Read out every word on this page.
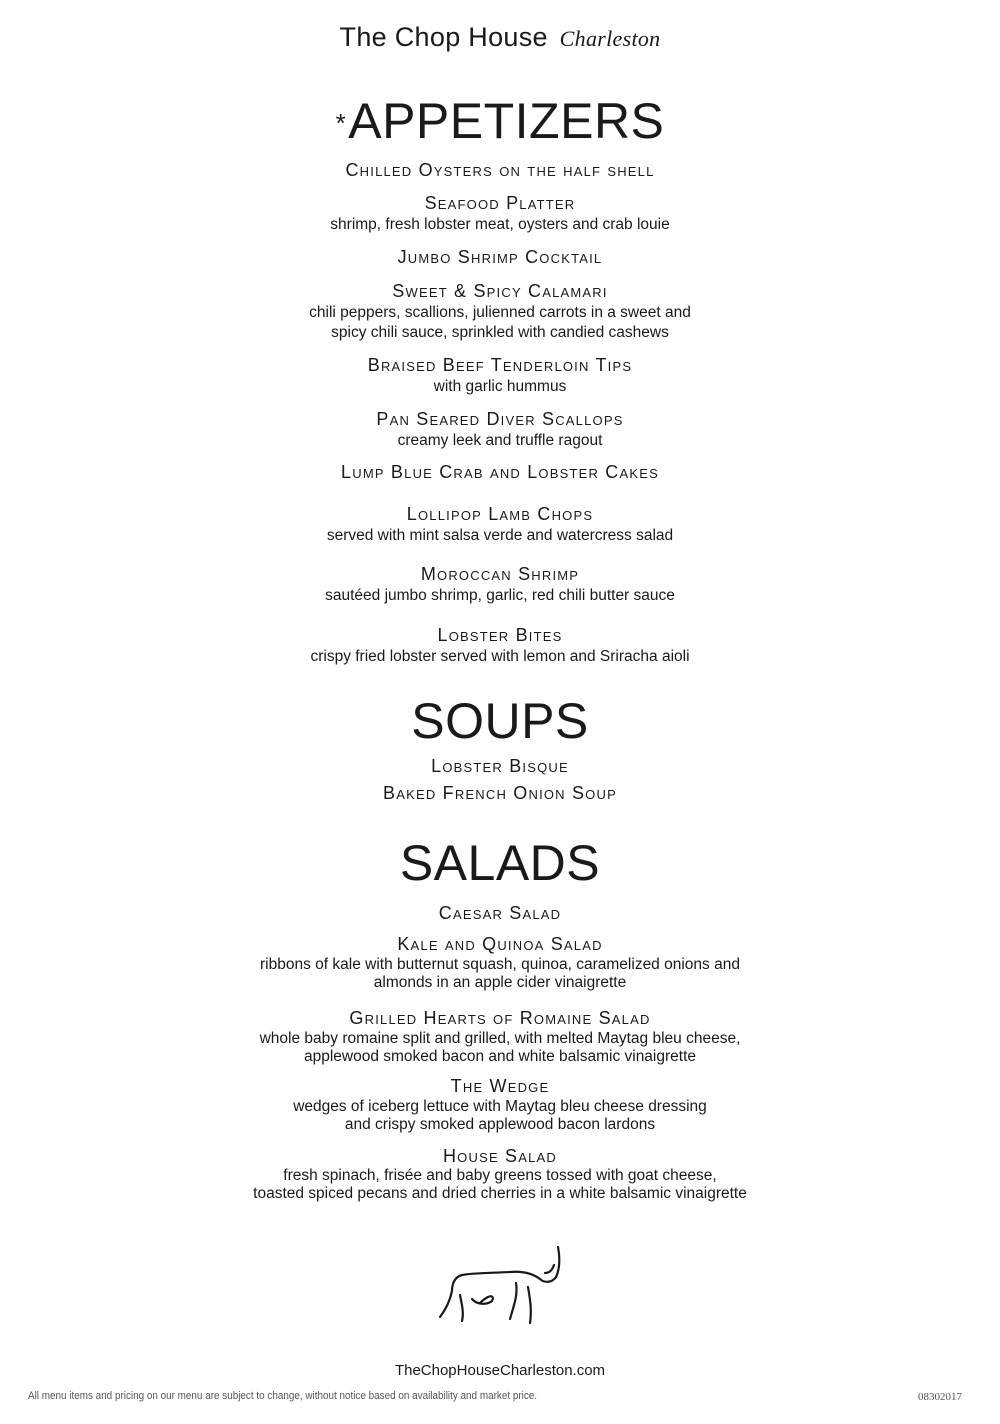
The Chop House Charleston
*APPETIZERS
Chilled Oysters on the half shell
Seafood Platter
shrimp, fresh lobster meat, oysters and crab louie
Jumbo Shrimp Cocktail
Sweet & Spicy Calamari
chili peppers, scallions, julienned carrots in a sweet and
spicy chili sauce, sprinkled with candied cashews
Braised Beef Tenderloin Tips
with garlic hummus
Pan Seared Diver Scallops
creamy leek and truffle ragout
Lump Blue Crab and Lobster Cakes
Lollipop Lamb Chops
served with mint salsa verde and watercress salad
Moroccan Shrimp
sautéed jumbo shrimp, garlic, red chili butter sauce
Lobster Bites
crispy fried lobster served with lemon and Sriracha aioli
SOUPS
Lobster Bisque
Baked French Onion Soup
SALADS
Caesar Salad
Kale and Quinoa Salad
ribbons of kale with butternut squash, quinoa, caramelized onions and
almonds in an apple cider vinaigrette
Grilled Hearts of Romaine Salad
whole baby romaine split and grilled, with melted Maytag bleu cheese,
applewood smoked bacon and white balsamic vinaigrette
The Wedge
wedges of iceberg lettuce with Maytag bleu cheese dressing
and crispy smoked applewood bacon lardons
House Salad
fresh spinach, frisée and baby greens tossed with goat cheese,
toasted spiced pecans and dried cherries in a white balsamic vinaigrette
TheChopHouseCharleston.com
All menu items and pricing on our menu are subject to change, without notice based on availability and market price.	08302017
